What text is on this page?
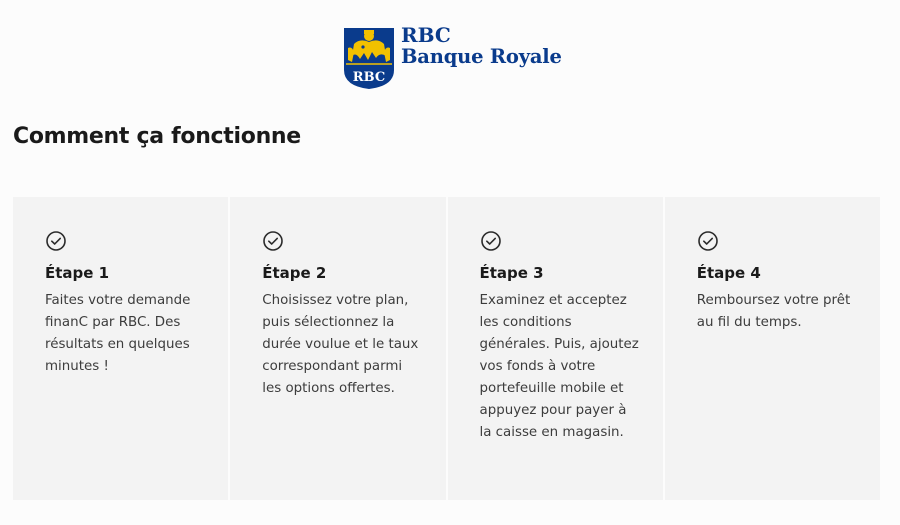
RBC
RBC
Banque Royale
Comment ça fonctionne
Étape 1

Faites votre demande finanC par RBC. Des résultats en quelques minutes !

Étape 2

Choisissez votre plan, puis sélectionnez la durée voulue et le taux correspondant parmi les options offertes.

Étape 3

Examinez et acceptez les conditions générales. Puis, ajoutez vos fonds à votre portefeuille mobile et appuyez pour payer à la caisse en magasin.

Étape 4

Remboursez votre prêt au fil du temps.
